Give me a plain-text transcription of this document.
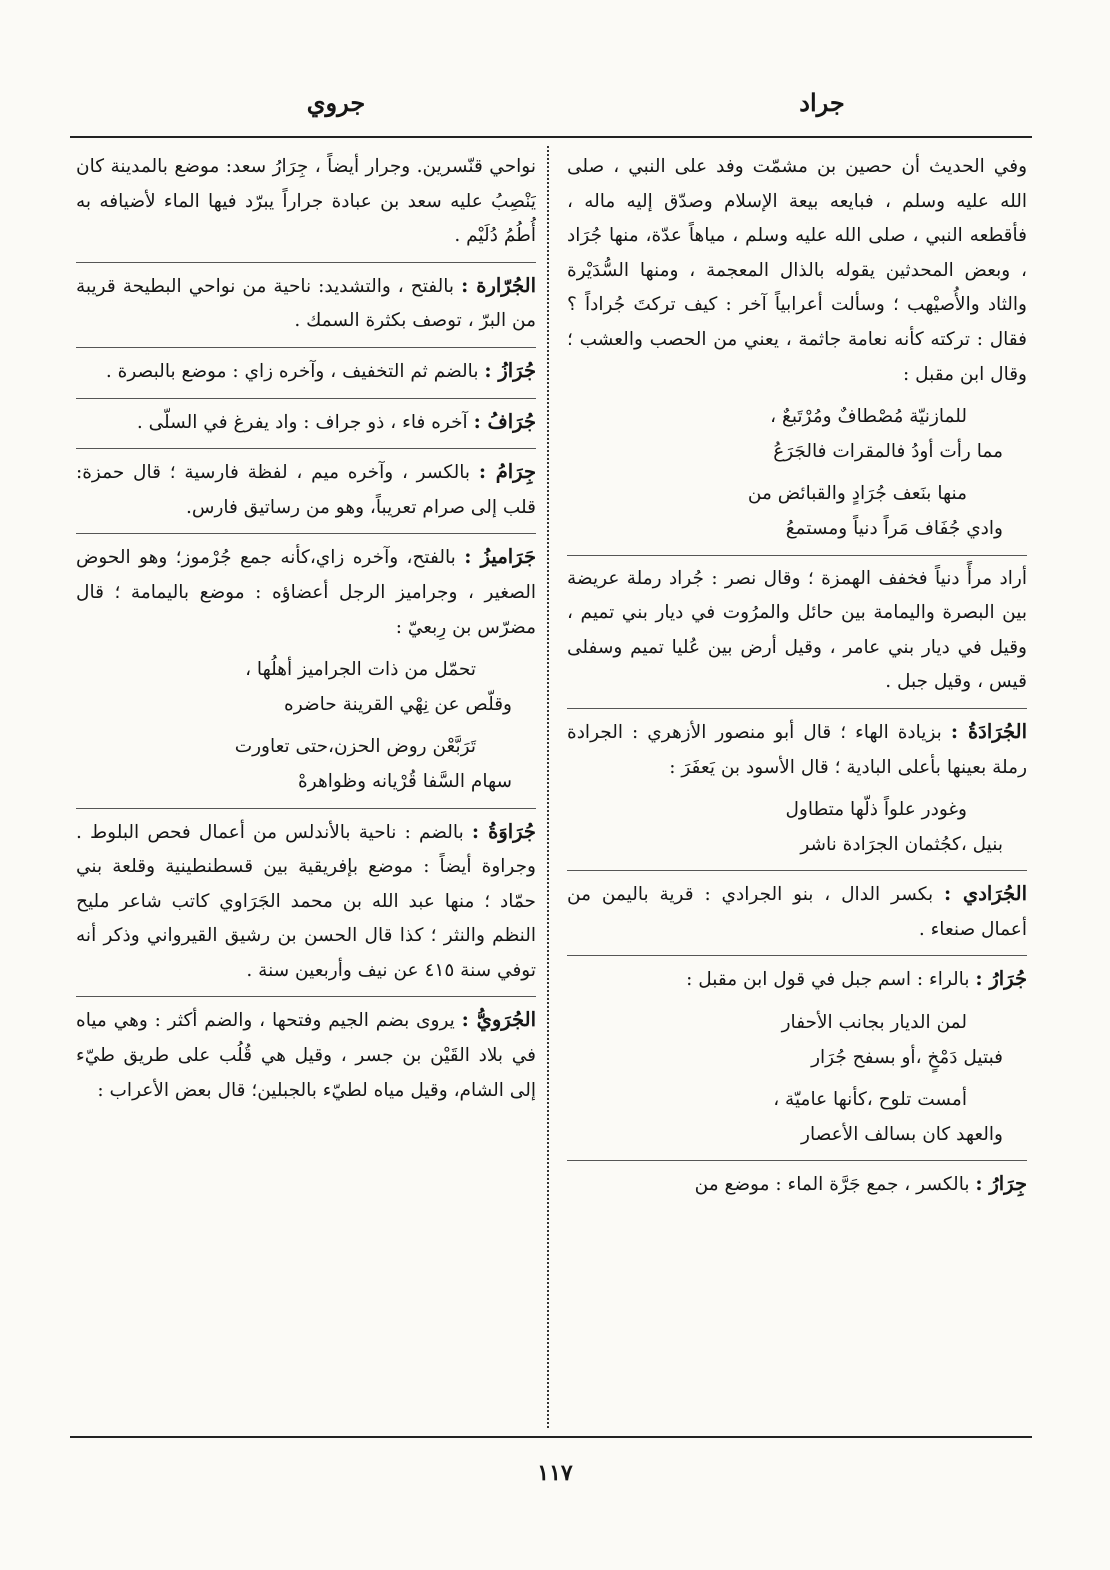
جراد
جروي
وفي الحديث أن حصين بن مشمّت وفد على النبي ، صلى الله عليه وسلم ، فبايعه بيعة الإسلام وصدّق إليه ماله ، فأقطعه النبي ، صلى الله عليه وسلم ، مياهاً عدّة، منها جُرَاد ، وبعض المحدثين يقوله بالذال المعجمة ، ومنها السُّدَيْرة والثاد والأُصيْهب ؛ وسألت أعرابياً آخر : كيف تركتَ جُراداً ؟ فقال : تركته كأنه نعامة جاثمة ، يعني من الحصب والعشب ؛ وقال ابن مقبل :
للمازنيّة مُصْطافٌ ومُرْتَبعٌ ،
مما رأت أودُ فالمقرات فالجَرَعُ
منها بنَعف جُرَادٍ والقبائض من
وادي جُفَاف مَراً دنياً ومستمعُ
أراد مرأً دنياً فخفف الهمزة ؛ وقال نصر : جُراد رملة عريضة بين البصرة واليمامة بين حائل والمرُوت في ديار بني تميم ، وقيل في ديار بني عامر ، وقيل أرض بين عُليا تميم وسفلى قيس ، وقيل جبل .
الجُرَادَةُ : بزيادة الهاء ؛ قال أبو منصور الأزهري : الجرادة رملة بعينها بأعلى البادية ؛ قال الأسود بن يَعفَرَ :
وغودر علواً ذلّها متطاول
بنيل ،كجُثمان الجرَادة ناشر
الجُرَادي : بكسر الدال ، بنو الجرادي : قرية باليمن من أعمال صنعاء .
جُرَارُ : بالراء : اسم جبل في قول ابن مقبل :
لمن الديار بجانب الأحفار
فبتيل دَمْخٍ ،أو بسفح جُرَار
أمست تلوح ،كأنها عاميّة ،
والعهد كان بسالف الأعصار
جِرَارُ : بالكسر ، جمع جَرَّة الماء : موضع من
نواحي قنّسرين. وجرار أيضاً ، جِرَارُ سعد: موضع بالمدينة كان يَنْصِبُ عليه سعد بن عبادة جراراً يبرّد فيها الماء لأضيافه به أُطُمُ دُلَيْم .
الجُرّارة : بالفتح ، والتشديد: ناحية من نواحي البطيحة قريبة من البرّ ، توصف بكثرة السمك .
جُرَازُ : بالضم ثم التخفيف ، وآخره زاي : موضع بالبصرة .
جُرَافُ : آخره فاء ، ذو جراف : واد يفرغ في السلّى .
جِرَامُ : بالكسر ، وآخره ميم ، لفظة فارسية ؛ قال حمزة: قلب إلى صرام تعريباً، وهو من رساتيق فارس.
جَرَاميزُ : بالفتح، وآخره زاي،كأنه جمع جُرْموز؛ وهو الحوض الصغير ، وجراميز الرجل أعضاؤه : موضع باليمامة ؛ قال مضرّس بن رِبعيّ :
تحمّل من ذات الجراميز أهلُها ،
وقلّص عن نِهْي القرينة حاضره
تَرَبَّعْن روض الحزن،حتى تعاورت
سهام السَّفا قُرْيانه وظواهرهْ
جُرَاوَةُ : بالضم : ناحية بالأندلس من أعمال فحص البلوط . وجراوة أيضاً : موضع بإفريقية بين قسطنطينية وقلعة بني حمّاد ؛ منها عبد الله بن محمد الجَرَاوي كاتب شاعر مليح النظم والنثر ؛ كذا قال الحسن بن رشيق القيرواني وذكر أنه توفي سنة ٤١٥ عن نيف وأربعين سنة .
الجُرَويُّ : يروى بضم الجيم وفتحها ، والضم أكثر : وهي مياه في بلاد القَيْن بن جسر ، وقيل هي قُلُب على طريق طيّء إلى الشام، وقيل مياه لطيّء بالجبلين؛ قال بعض الأعراب :
١١٧
